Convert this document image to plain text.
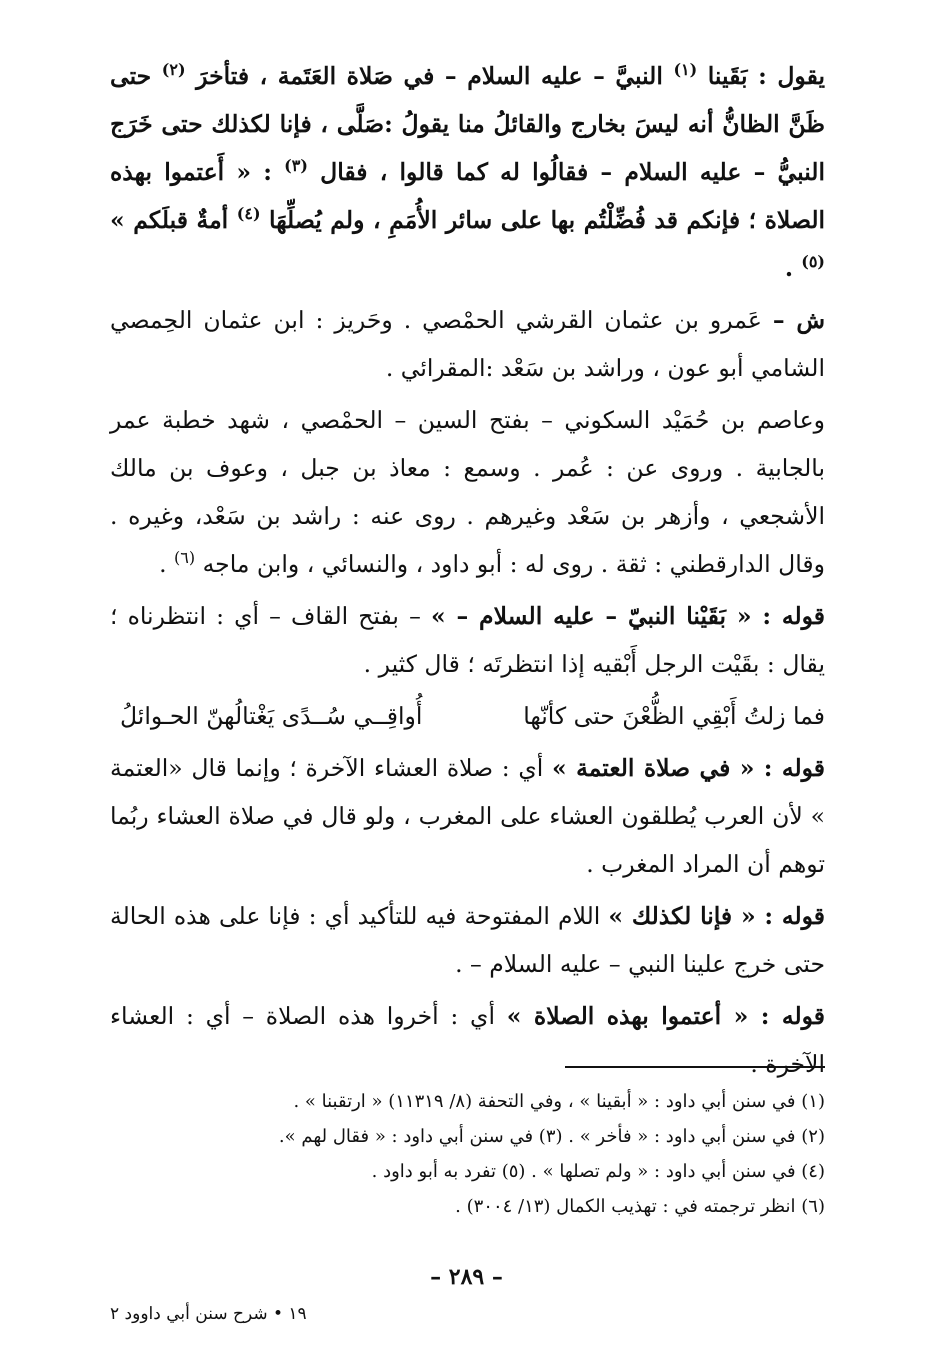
يقول : بَقَينا $^{(١)}$ النبيَّ – عليه السلام – في صَلاة العَتَمة ، فتأخرَ $^{(٢)}$ حتى ظَنَّ الظانُّ أنه ليسَ بخارج والقائلُ منا يقولُ :صَلَّى ، فإنا لكذلك حتى خَرَج النبيُّ – عليه السلام – فقالُوا له كما قالوا ، فقال $^{(٣)}$ : « أَعتموا بهذه الصلاة ؛ فإنكم قد فُضِّلْتُم بها على سائر الأُمَمِ ، ولم يُصلِّهَا $^{(٤)}$ أمةٌ قبلَكم » $^{(٥)}$ .

ش – عَمرو بن عثمان القرشي الحمْصي . وحَريز : ابن عثمان الحِمصي الشامي أبو عون ، وراشد بن سَعْد :المقرائي .

وعاصم بن حُمَيْد السكوني – بفتح السين – الحمْصي ، شهد خطبة عمر بالجابية . وروى عن : عُمر . وسمع : معاذ بن جبل ، وعوف بن مالك الأشجعي ، وأزهر بن سَعْد وغيرهم . روى عنه : راشد بن سَعْد، وغيره . وقال الدارقطني : ثقة . روى له : أبو داود ، والنسائي ، وابن ماجه $^{(٦)}$ .

قوله : « بَقَيْنا النبيّ – عليه السلام – » – بفتح القاف – أي : انتظرناه ؛ يقال : بقَيْت الرجل أَبْقيه إذا انتظرتَه ؛ قال كثير .

فما زلتُ أَبْقِي الظُّعْنَ حتى كأنّها
أُواقِــي سُــدًى يَغْتالُهنّ الحـوائلُ

قوله : « في صلاة العتمة » أي : صلاة العشاء الآخرة ؛ وإنما قال «العتمة » لأن العرب يُطلقون العشاء على المغرب ، ولو قال في صلاة العشاء ربُما توهم أن المراد المغرب .

قوله : « فإنا لكذلك » اللام المفتوحة فيه للتأكيد أي : فإنا على هذه الحالة حتى خرج علينا النبي – عليه السلام – .

قوله : « أعتموا بهذه الصلاة » أي : أخروا هذه الصلاة – أي : العشاء الآخرة .

(١) في سنن أبي داود : « أبقينا » ، وفي التحفة (٨/ ١١٣١٩) « ارتقبنا » .

(٢) في سنن أبي داود : « فأخر » . (٣) في سنن أبي داود : « فقال لهم ».

(٤) في سنن أبي داود : « ولم تصلها » . (٥) تفرد به أبو داود .

(٦) انظر ترجمته في : تهذيب الكمال (١٣/ ٣٠٠٤) .

– ٢٨٩ –
١٩ • شرح سنن أبي داوود ٢
